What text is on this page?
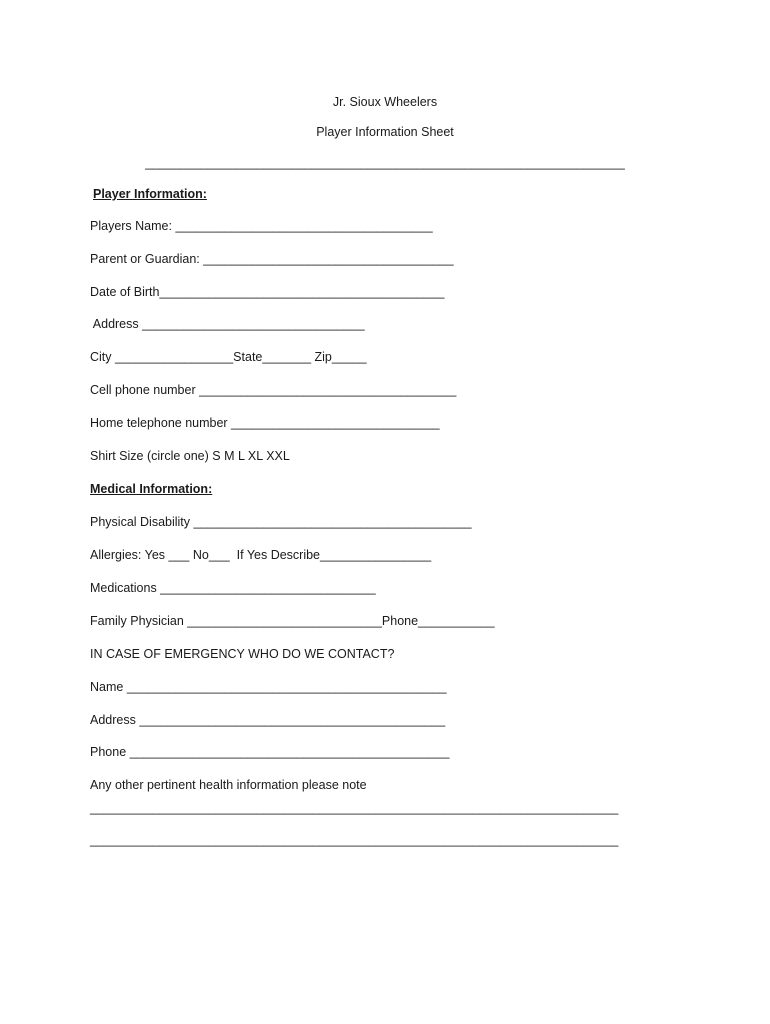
Jr. Sioux Wheelers
Player Information Sheet
_____________________________________________________________________
Player Information:
Players Name: _____________________________________
Parent or Guardian: ____________________________________
Date of Birth_________________________________________
Address ________________________________
City _________________State_______ Zip_____
Cell phone number _____________________________________
Home telephone number ______________________________
Shirt Size (circle one) S M L XL XXL
Medical Information:
Physical Disability ________________________________________
Allergies: Yes ___ No___  If Yes Describe________________
Medications _______________________________
Family Physician ____________________________Phone___________
IN CASE OF EMERGENCY WHO DO WE CONTACT?
Name ______________________________________________
Address ____________________________________________
Phone ______________________________________________
Any other pertinent health information please note
____________________________________________________________________________
____________________________________________________________________________
